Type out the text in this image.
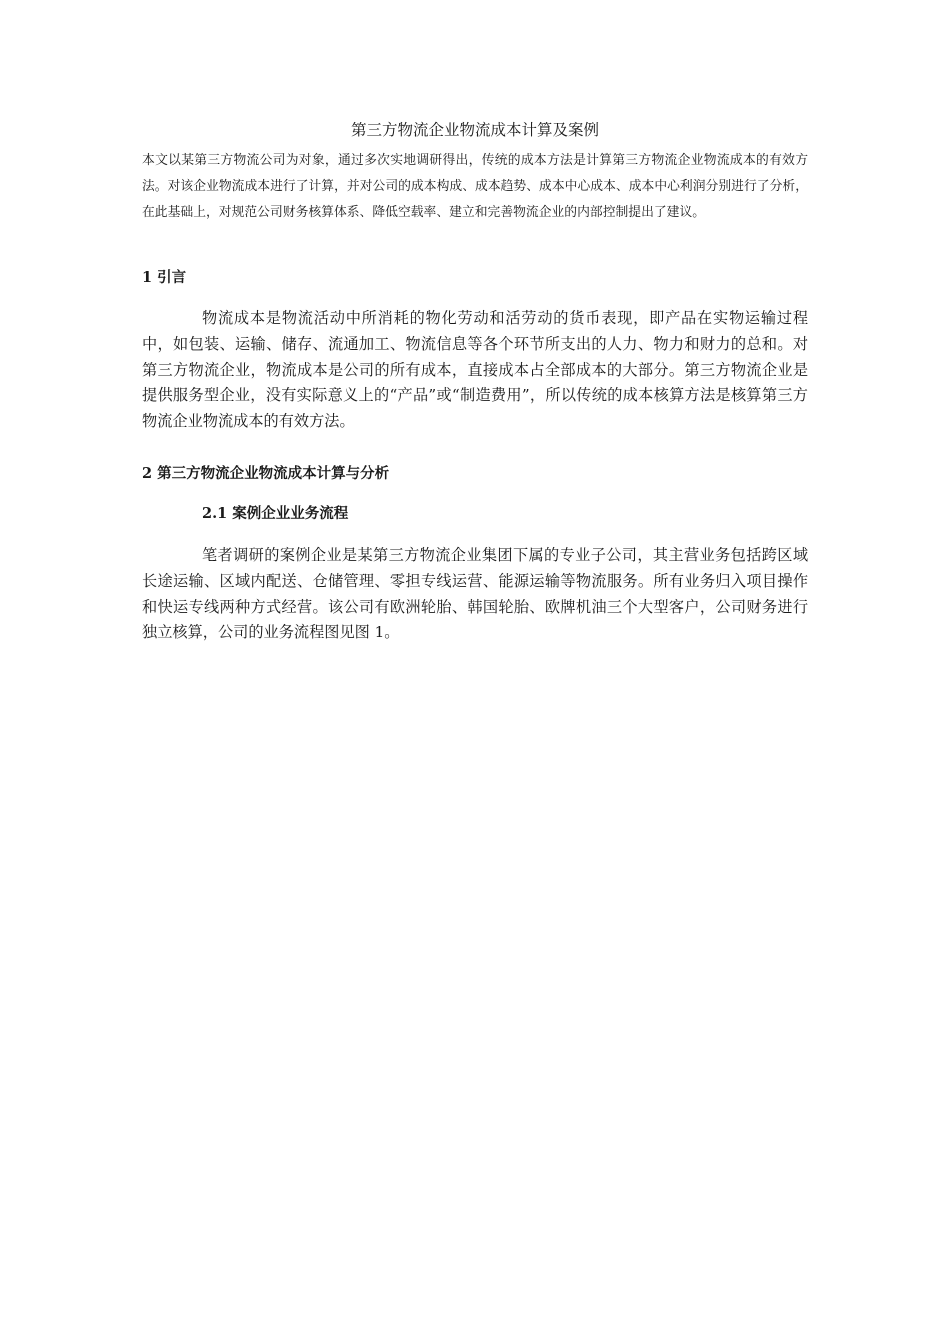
第三方物流企业物流成本计算及案例

本文以某第三方物流公司为对象，通过多次实地调研得出，传统的成本方法是计算第三方物流企业物流成本的有效方法。对该企业物流成本进行了计算，并对公司的成本构成、成本趋势、成本中心成本、成本中心利润分别进行了分析，在此基础上，对规范公司财务核算体系、降低空载率、建立和完善物流企业的内部控制提出了建议。

1 引言

物流成本是物流活动中所消耗的物化劳动和活劳动的货币表现，即产品在实物运输过程中，如包装、运输、储存、流通加工、物流信息等各个环节所支出的人力、物力和财力的总和。对第三方物流企业，物流成本是公司的所有成本，直接成本占全部成本的大部分。第三方物流企业是提供服务型企业，没有实际意义上的“产品”或“制造费用”，所以传统的成本核算方法是核算第三方物流企业物流成本的有效方法。

2 第三方物流企业物流成本计算与分析
2.1 案例企业业务流程

笔者调研的案例企业是某第三方物流企业集团下属的专业子公司，其主营业务包括跨区域长途运输、区域内配送、仓储管理、零担专线运营、能源运输等物流服务。所有业务归入项目操作和快运专线两种方式经营。该公司有欧洲轮胎、韩国轮胎、欧牌机油三个大型客户，公司财务进行独立核算，公司的业务流程图见图 1。
